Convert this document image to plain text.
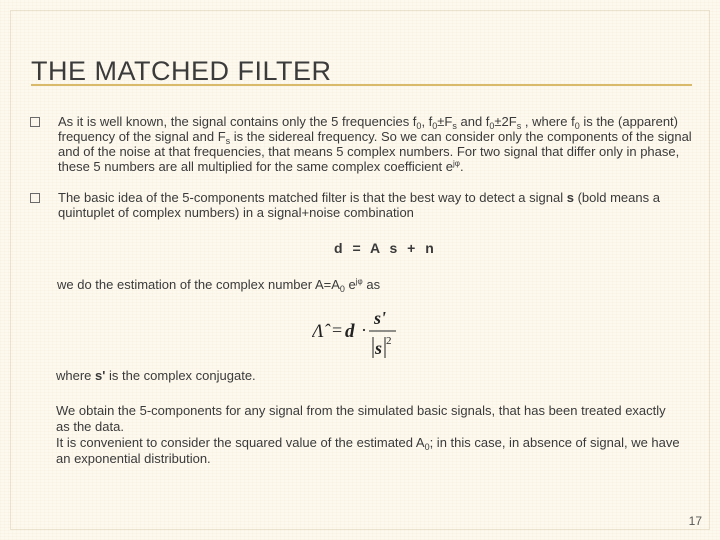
THE MATCHED FILTER
As it is well known, the signal contains only the 5 frequencies $f_0$, $f_0\pm F_s$ and $f_0\pm 2F_s$ , where $f_0$ is the (apparent) frequency of the signal and $F_s$ is the sidereal frequency. So we can consider only the components of the signal and of the noise at that frequencies, that means 5 complex numbers. For two signal that differ only in phase, these 5 numbers are all multiplied for the same complex coefficient $e^{j\varphi}$.
The basic idea of the 5-components matched filter is that the best way to detect a signal s (bold means a quintuplet of complex numbers) in a signal+noise combination
d = A s + n
we do the estimation of the complex number $A=A_0$ $e^{j\varphi}$ as
Λ̂ = d ·
s'
s 2
where s' is the complex conjugate.
We obtain the 5-components for any signal from the simulated basic signals, that has been treated exactly as the data.
It is convenient to consider the squared value of the estimated $A_0$; in this case, in absence of signal, we have an exponential distribution.
17
